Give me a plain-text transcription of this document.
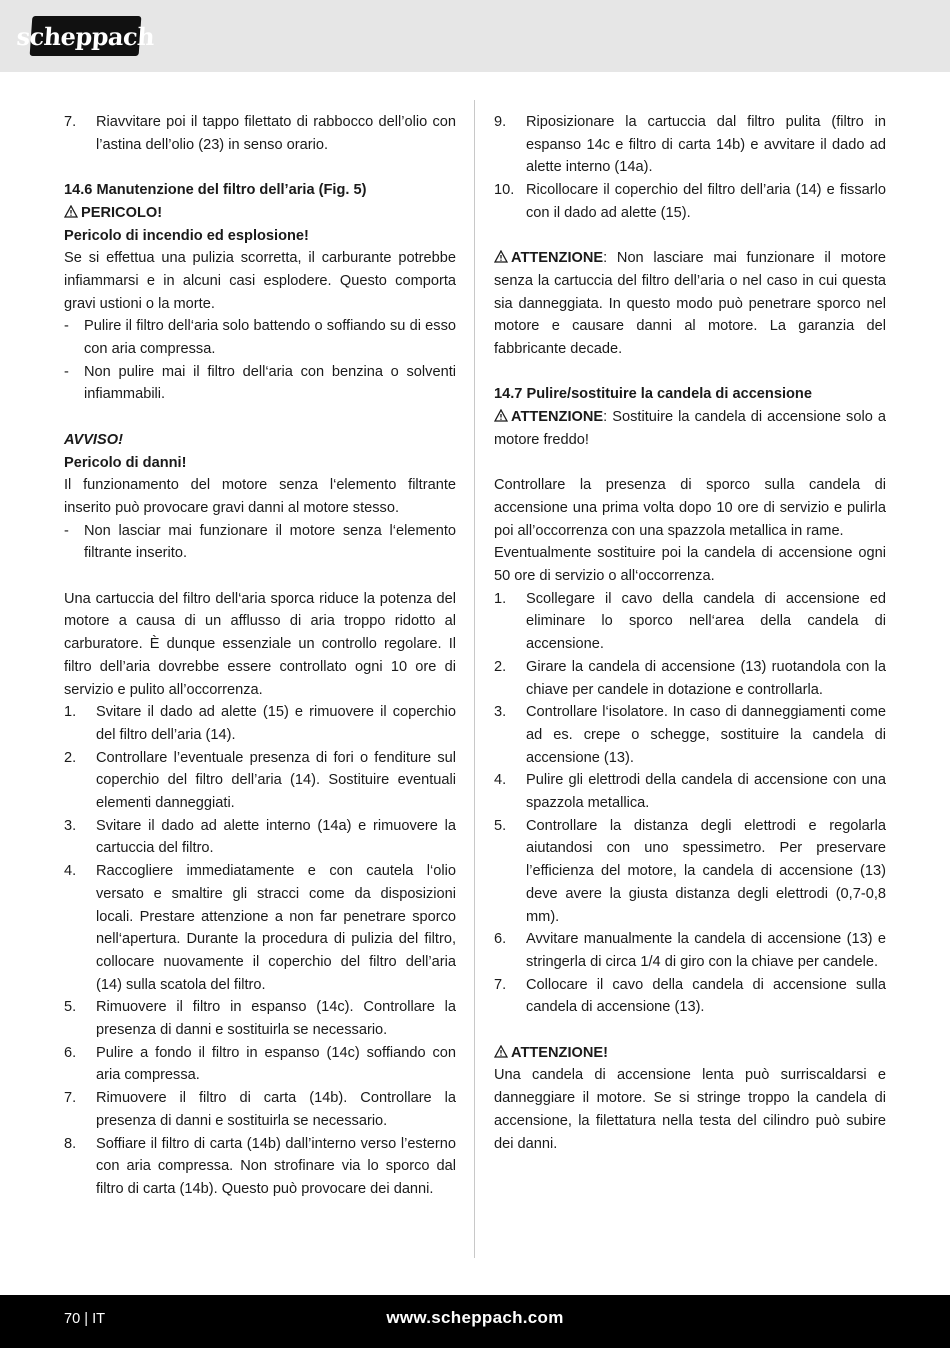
scheppach
7.	Riavvitare poi il tappo filettato di rabbocco dell’olio con l’astina dell’olio (23) in senso orario.
14.6 Manutenzione del filtro dell’aria (Fig. 5)
PERICOLO!
Pericolo di incendio ed esplosione!
Se si effettua una pulizia scorretta, il carburante potrebbe infiammarsi e in alcuni casi esplodere. Questo comporta gravi ustioni o la morte.
-	Pulire il filtro dell‘aria solo battendo o soffiando su di esso con aria compressa.
-	Non pulire mai il filtro dell‘aria con benzina o solventi infiammabili.
AVVISO!
Pericolo di danni!
Il funzionamento del motore senza l‘elemento filtrante inserito può provocare gravi danni al motore stesso.
-	Non lasciar mai funzionare il motore senza l‘elemento filtrante inserito.
Una cartuccia del filtro dell‘aria sporca riduce la potenza del motore a causa di un afflusso di aria troppo ridotto al carburatore. È dunque essenziale un controllo regolare. Il filtro dell’aria dovrebbe essere controllato ogni 10 ore di servizio e pulito all’occorrenza.
1.	Svitare il dado ad alette (15) e rimuovere il coperchio del filtro dell’aria (14).
2.	Controllare l’eventuale presenza di fori o fenditure sul coperchio del filtro dell’aria (14). Sostituire eventuali elementi danneggiati.
3.	Svitare il dado ad alette interno (14a) e rimuovere la cartuccia del filtro.
4.	Raccogliere immediatamente e con cautela l‘olio versato e smaltire gli stracci come da disposizioni locali. Prestare attenzione a non far penetrare sporco nell‘apertura. Durante la procedura di pulizia del filtro, collocare nuovamente il coperchio del filtro dell’aria (14) sulla scatola del filtro.
5.	Rimuovere il filtro in espanso (14c). Controllare la presenza di danni e sostituirla se necessario.
6.	Pulire a fondo il filtro in espanso (14c) soffiando con aria compressa.
7.	Rimuovere il filtro di carta (14b). Controllare la presenza di danni e sostituirla se necessario.
8.	Soffiare il filtro di carta (14b) dall’interno verso l’esterno con aria compressa. Non strofinare via lo sporco dal filtro di carta (14b). Questo può provocare dei danni.
9.	Riposizionare la cartuccia dal filtro pulita (filtro in espanso 14c e filtro di carta 14b) e avvitare il dado ad alette interno (14a).
10. Ricollocare il coperchio del filtro dell’aria (14) e fissarlo con il dado ad alette (15).
ATTENZIONE: Non lasciare mai funzionare il motore senza la cartuccia del filtro dell’aria o nel caso in cui questa sia danneggiata. In questo modo può penetrare sporco nel motore e causare danni al motore. La garanzia del fabbricante decade.
14.7 Pulire/sostituire la candela di accensione
ATTENZIONE: Sostituire la candela di accensione solo a motore freddo!
Controllare la presenza di sporco sulla candela di accensione una prima volta dopo 10 ore di servizio e pulirla poi all’occorrenza con una spazzola metallica in rame.
Eventualmente sostituire poi la candela di accensione ogni 50 ore di servizio o all‘occorrenza.
1.	Scollegare il cavo della candela di accensione ed eliminare lo sporco nell‘area della candela di accensione.
2.	Girare la candela di accensione (13) ruotandola con la chiave per candele in dotazione e controllarla.
3.	Controllare l‘isolatore. In caso di danneggiamenti come ad es. crepe o schegge, sostituire la candela di accensione (13).
4.	Pulire gli elettrodi della candela di accensione con una spazzola metallica.
5.	Controllare la distanza degli elettrodi e regolarla aiutandosi con uno spessimetro. Per preservare l’efficienza del motore, la candela di accensione (13) deve avere la giusta distanza degli elettrodi (0,7-0,8 mm).
6.	Avvitare manualmente la candela di accensione (13) e stringerla di circa 1/4 di giro con la chiave per candele.
7.	Collocare il cavo della candela di accensione sulla candela di accensione (13).
ATTENZIONE!
Una candela di accensione lenta può surriscaldarsi e danneggiare il motore. Se si stringe troppo la candela di accensione, la filettatura nella testa del cilindro può subire dei danni.
70 | IT	www.scheppach.com
